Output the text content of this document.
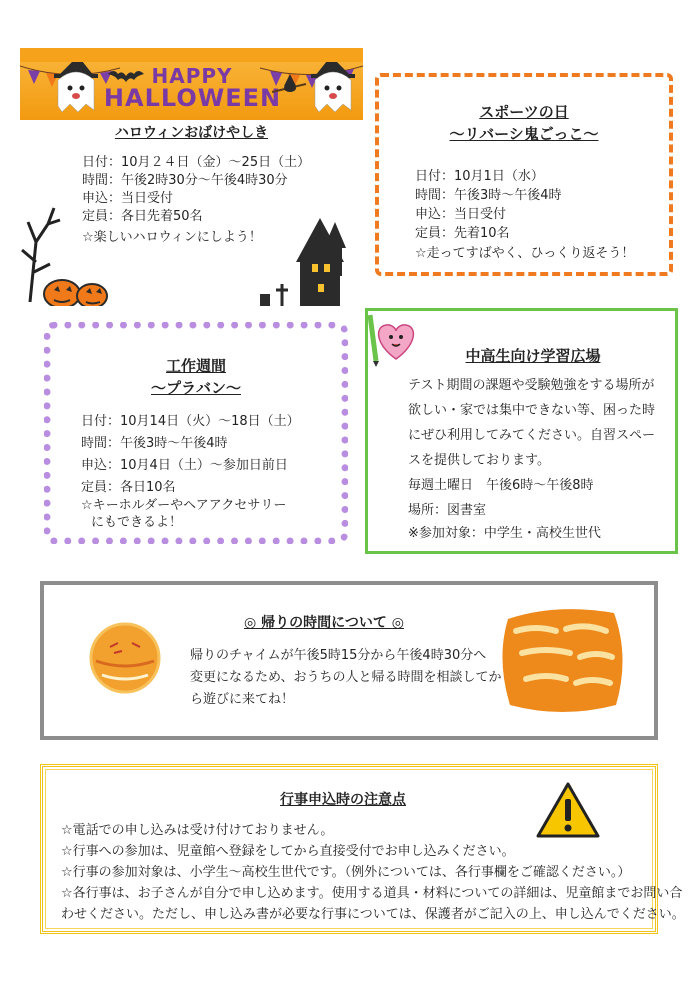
HAPPY
HALLOWEEN
ハロウィンおばけやしき
日付：10月２４日（金）～25日（土）
時間：午後2時30分～午後4時30分
申込：当日受付
定員：各日先着50名
☆楽しいハロウィンにしよう！
スポーツの日
～リバーシ鬼ごっこ～
日付：10月1日（水）
時間：午後3時～午後4時
申込：当日受付
定員：先着10名
☆走ってすばやく、ひっくり返そう！
工作週間
～プラバン～
日付：10月14日（火）～18日（土）
時間：午後3時～午後4時
申込：10月4日（土）～参加日前日
定員：各日10名
☆キーホルダーやヘアアクセサリー
にもできるよ！
中高生向け学習広場
テスト期間の課題や受験勉強をする場所が
欲しい・家では集中できない等、困った時
にぜひ利用してみてください。自習スペー
スを提供しております。
毎週土曜日　午後6時～午後8時
場所：図書室
※参加対象：中学生・高校生世代
◎ 帰りの時間について ◎
帰りのチャイムが午後5時15分から午後4時30分へ
変更になるため、おうちの人と帰る時間を相談してか
ら遊びに来てね！
行事申込時の注意点
☆電話での申し込みは受け付けておりません。
☆行事への参加は、児童館へ登録をしてから直接受付でお申し込みください。
☆行事の参加対象は、小学生～高校生世代です。（例外については、各行事欄をご確認ください。）
☆各行事は、お子さんが自分で申し込めます。使用する道具・材料についての詳細は、児童館までお問い合
わせください。ただし、申し込み書が必要な行事については、保護者がご記入の上、申し込んでください。
